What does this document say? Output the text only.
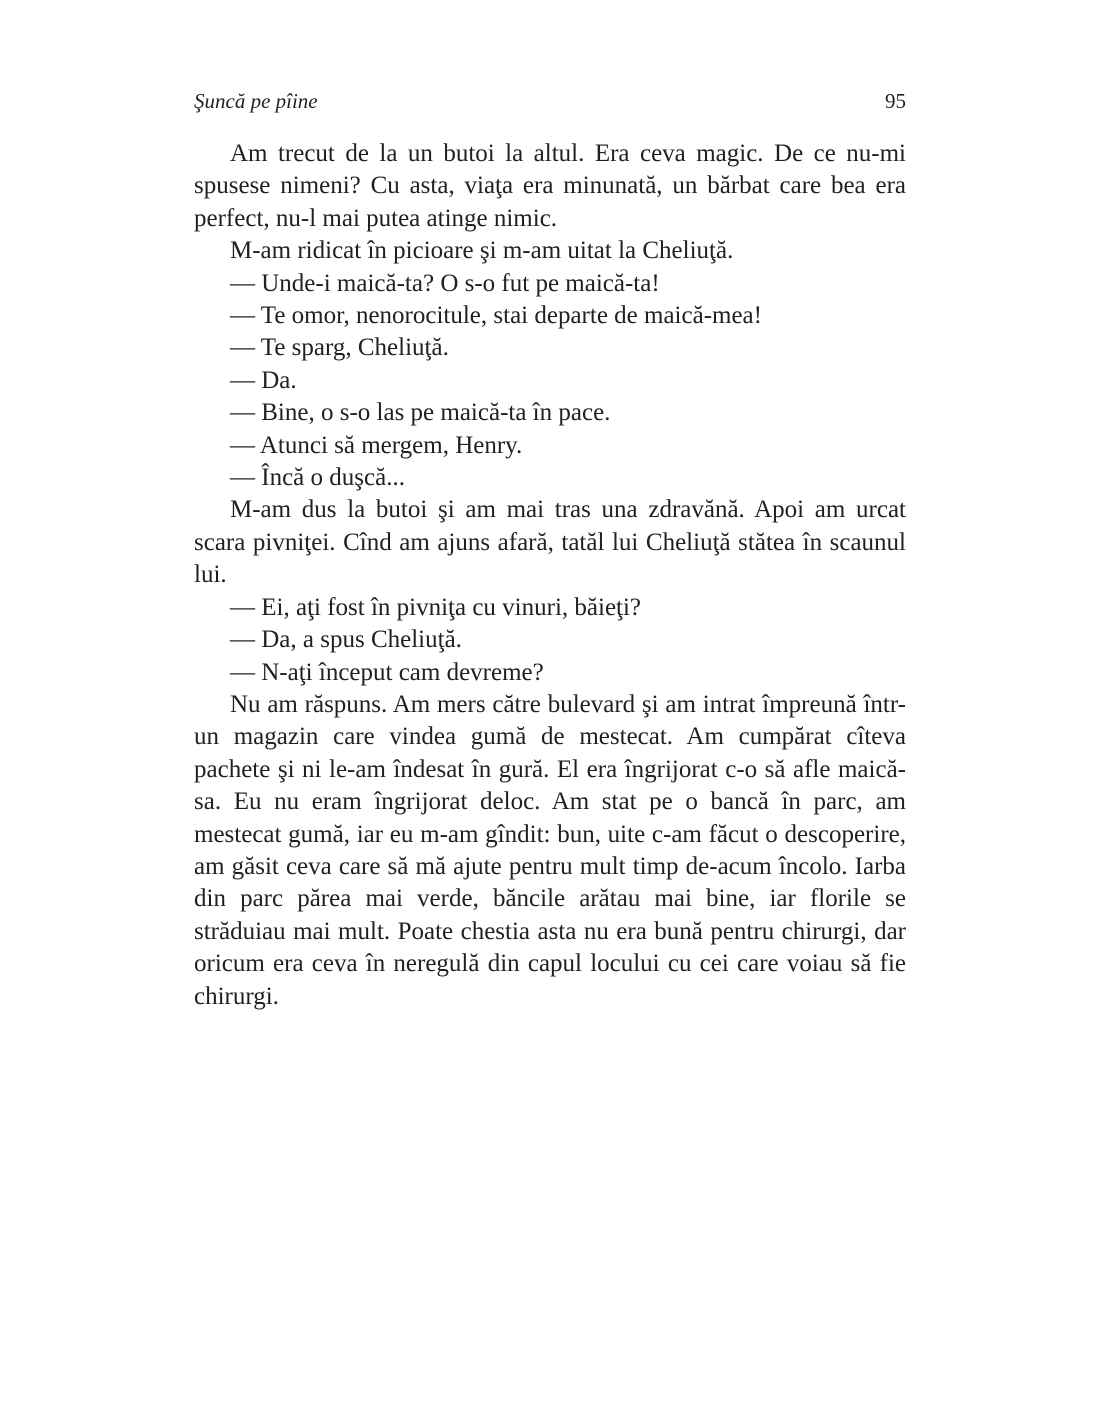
Şuncă pe pîine	95

Am trecut de la un butoi la altul. Era ceva magic. De ce nu-mi spusese nimeni? Cu asta, viaţa era minunată, un bărbat care bea era perfect, nu-l mai putea atinge nimic.

M-am ridicat în picioare şi m-am uitat la Cheliuţă.

— Unde-i maică-ta? O s-o fut pe maică-ta!

— Te omor, nenorocitule, stai departe de maică-mea!

— Te sparg, Cheliuţă.

— Da.

— Bine, o s-o las pe maică-ta în pace.

— Atunci să mergem, Henry.

— Încă o duşcă...

M-am dus la butoi şi am mai tras una zdravănă. Apoi am urcat scara pivniţei. Cînd am ajuns afară, tatăl lui Cheliuţă stătea în scaunul lui.

— Ei, aţi fost în pivniţa cu vinuri, băieţi?

— Da, a spus Cheliuţă.

— N-aţi început cam devreme?

Nu am răspuns. Am mers către bulevard şi am intrat împreună într-un magazin care vindea gumă de mestecat. Am cumpărat cîteva pachete şi ni le-am îndesat în gură. El era îngrijorat c-o să afle maică-sa. Eu nu eram îngrijorat deloc. Am stat pe o bancă în parc, am mestecat gumă, iar eu m-am gîndit: bun, uite c-am făcut o descoperire, am găsit ceva care să mă ajute pentru mult timp de-acum încolo. Iarba din parc părea mai verde, băncile arătau mai bine, iar florile se străduiau mai mult. Poate chestia asta nu era bună pentru chirurgi, dar oricum era ceva în neregulă din capul locului cu cei care voiau să fie chirurgi.
